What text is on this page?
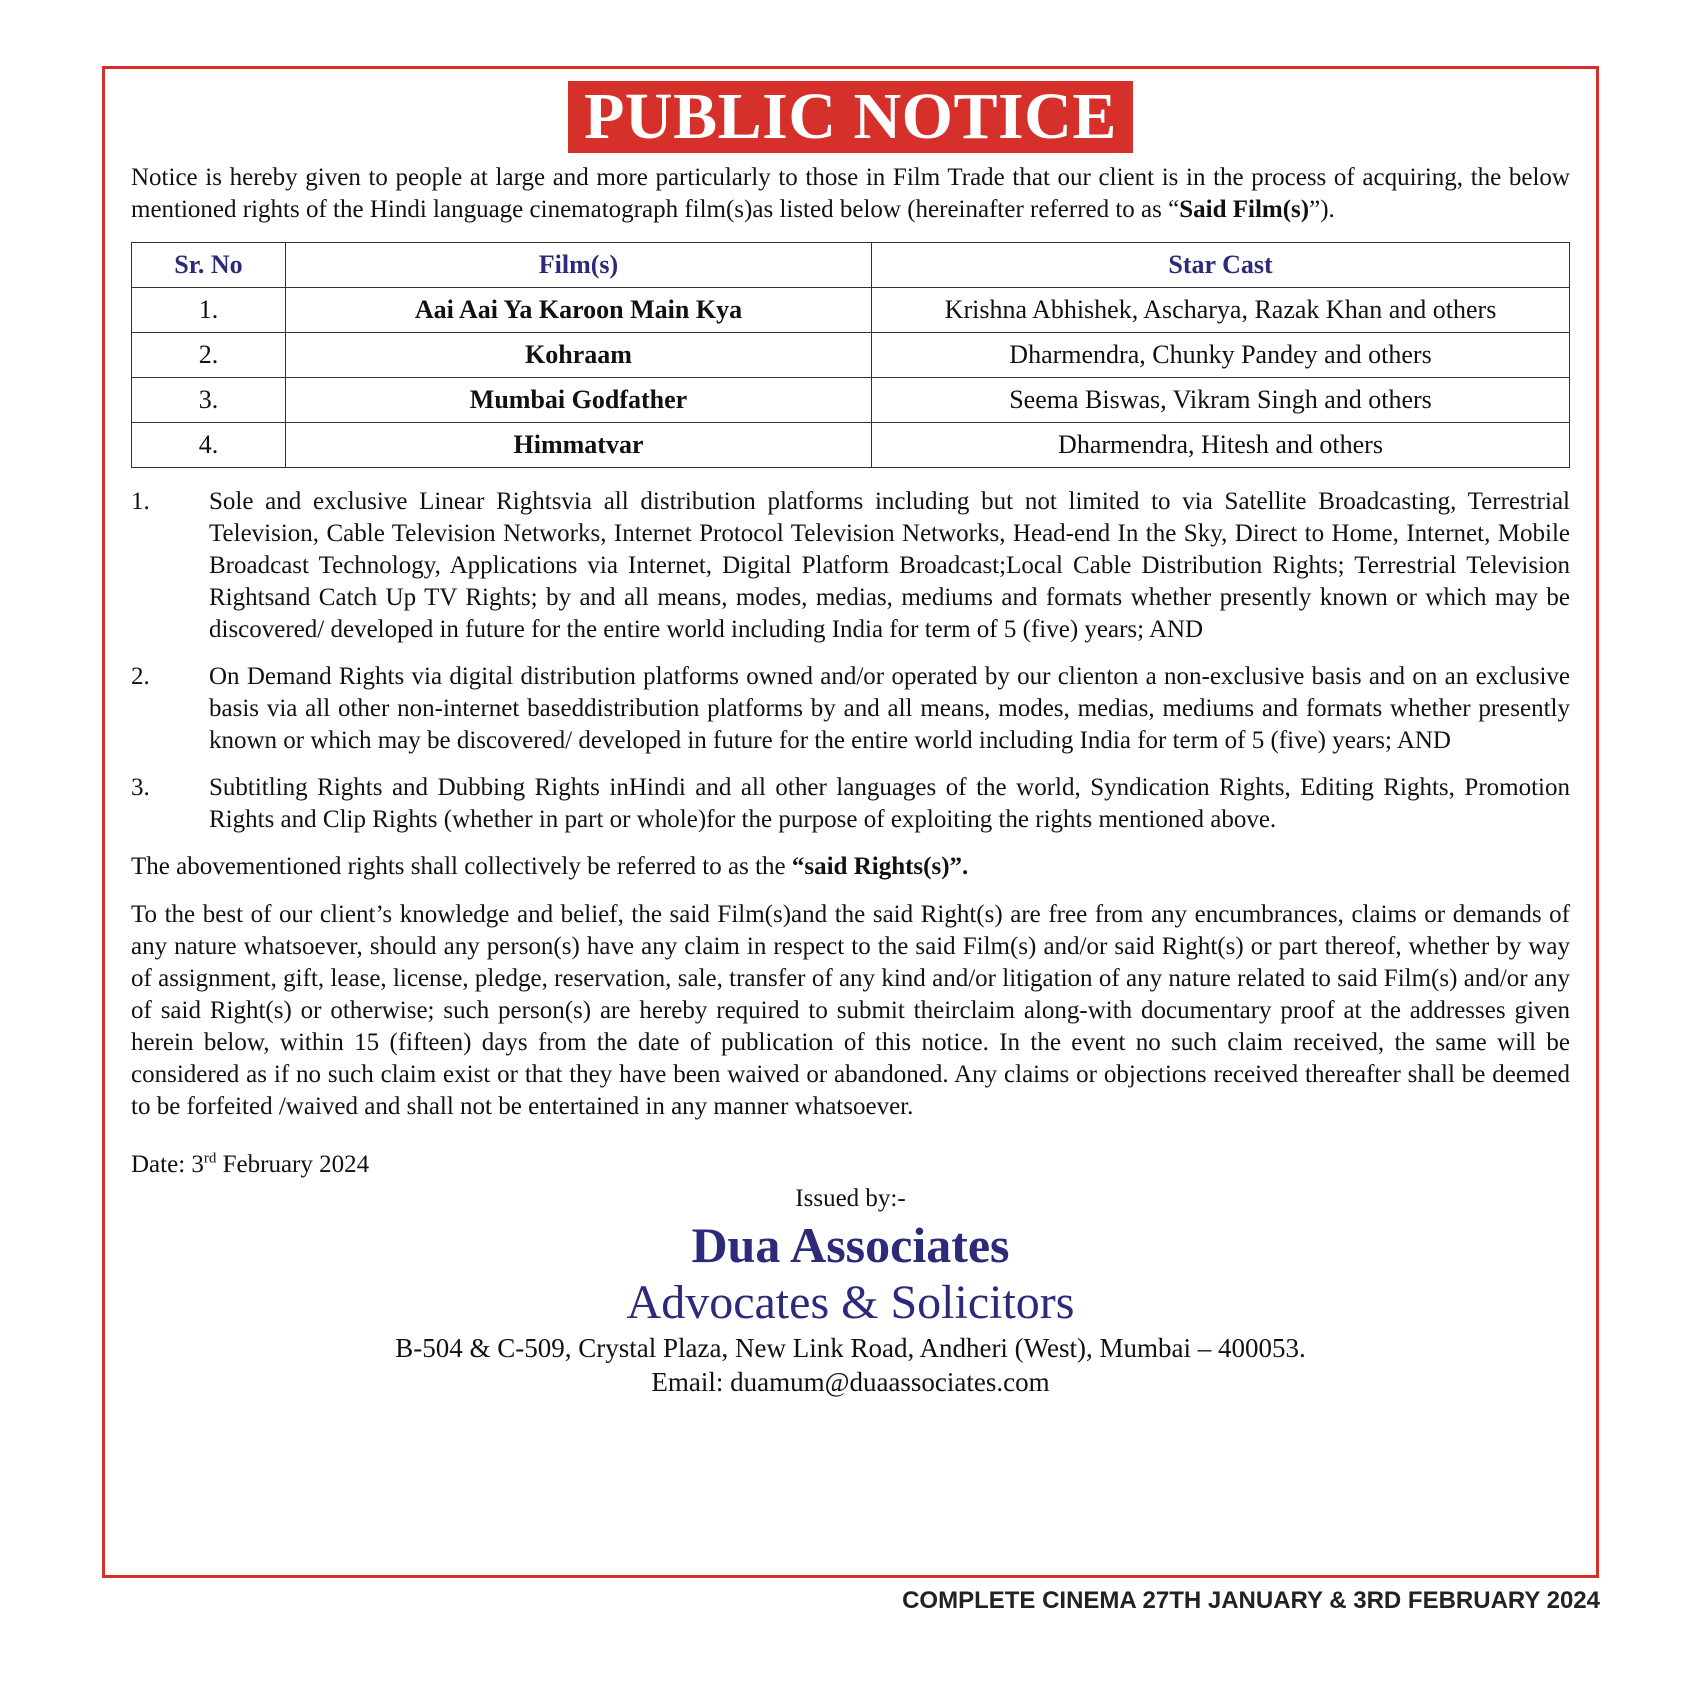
PUBLIC NOTICE

Notice is hereby given to people at large and more particularly to those in Film Trade that our client is in the process of acquiring, the below mentioned rights of the Hindi language cinematograph film(s)as listed below (hereinafter referred to as “Said Film(s)”).

Sr. No	Film(s)	Star Cast
1.	Aai Aai Ya Karoon Main Kya	Krishna Abhishek, Ascharya, Razak Khan and others
2.	Kohraam	Dharmendra, Chunky Pandey and others
3.	Mumbai Godfather	Seema Biswas, Vikram Singh and others
4.	Himmatvar	Dharmendra, Hitesh and others
1.	Sole and exclusive Linear Rightsvia all distribution platforms including but not limited to via Satellite Broadcasting, Terrestrial Television, Cable Television Networks, Internet Protocol Television Networks, Head-end In the Sky, Direct to Home, Internet, Mobile Broadcast Technology, Applications via Internet, Digital Platform Broadcast;Local Cable Distribution Rights; Terrestrial Television Rightsand Catch Up TV Rights; by and all means, modes, medias, mediums and formats whether presently known or which may be discovered/ developed in future for the entire world including India for term of 5 (five) years; AND
2.	On Demand Rights via digital distribution platforms owned and/or operated by our clienton a non-exclusive basis and on an exclusive basis via all other non-internet baseddistribution platforms by and all means, modes, medias, mediums and formats whether presently known or which may be discovered/ developed in future for the entire world including India for term of 5 (five) years; AND
3.	Subtitling Rights and Dubbing Rights inHindi and all other languages of the world, Syndication Rights, Editing Rights, Promotion Rights and Clip Rights (whether in part or whole)for the purpose of exploiting the rights mentioned above.

The abovementioned rights shall collectively be referred to as the “said Rights(s)”.

To the best of our client’s knowledge and belief, the said Film(s)and the said Right(s) are free from any encumbrances, claims or demands of any nature whatsoever, should any person(s) have any claim in respect to the said Film(s) and/or said Right(s) or part thereof, whether by way of assignment, gift, lease, license, pledge, reservation, sale, transfer of any kind and/or litigation of any nature related to said Film(s) and/or any of said Right(s) or otherwise; such person(s) are hereby required to submit theirclaim along-with documentary proof at the addresses given herein below, within 15 (fifteen) days from the date of publication of this notice. In the event no such claim received, the same will be considered as if no such claim exist or that they have been waived or abandoned. Any claims or objections received thereafter shall be deemed to be forfeited /waived and shall not be entertained in any manner whatsoever.

Date: 3rd February 2024
Issued by:-
Dua Associates
Advocates & Solicitors
B-504 & C-509, Crystal Plaza, New Link Road, Andheri (West), Mumbai – 400053.
Email: duamum@duaassociates.com
COMPLETE CINEMA 27TH JANUARY & 3RD FEBRUARY 2024
